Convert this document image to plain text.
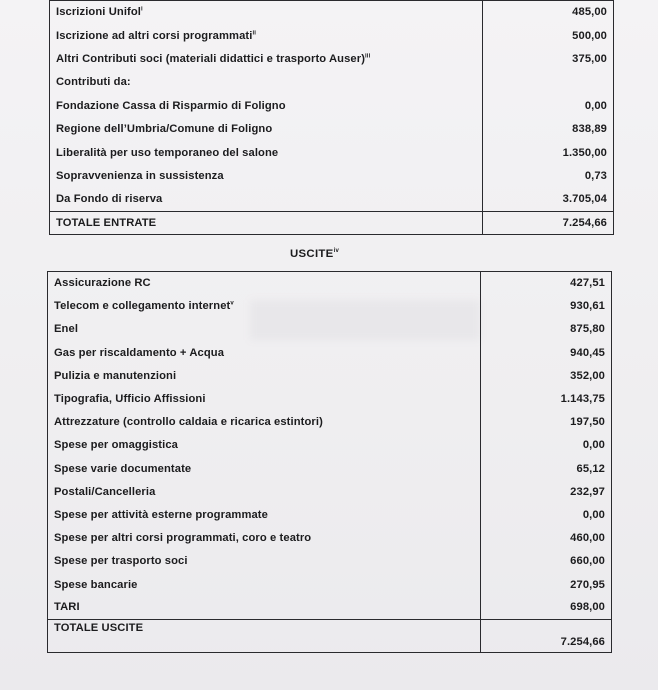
Iscrizioni Unifol$^i$	485,00
Iscrizione ad altri corsi programmati$^{ii}$	500,00
Altri Contributi soci (materiali didattici e trasporto Auser)$^{iii}$	375,00
Contributi da:	
Fondazione Cassa di Risparmio di Foligno	0,00
Regione dell’Umbria/Comune di Foligno	838,89
Liberalità per uso temporaneo del salone	1.350,00
Sopravvenienza in sussistenza	0,73
Da Fondo di riserva	3.705,04
TOTALE ENTRATE	7.254,66
USCITE$^{iv}$
Assicurazione RC	427,51
Telecom e collegamento internet$^v$	930,61
Enel	875,80
Gas per riscaldamento + Acqua	940,45
Pulizia e manutenzioni	352,00
Tipografia, Ufficio Affissioni	1.143,75
Attrezzature (controllo caldaia e ricarica estintori)	197,50
Spese per omaggistica	0,00
Spese varie documentate	65,12
Postali/Cancelleria	232,97
Spese per attività esterne programmate	0,00
Spese per altri corsi programmati, coro e teatro	460,00
Spese per trasporto soci	660,00
Spese bancarie	270,95
TARI	698,00
TOTALE USCITE	7.254,66
